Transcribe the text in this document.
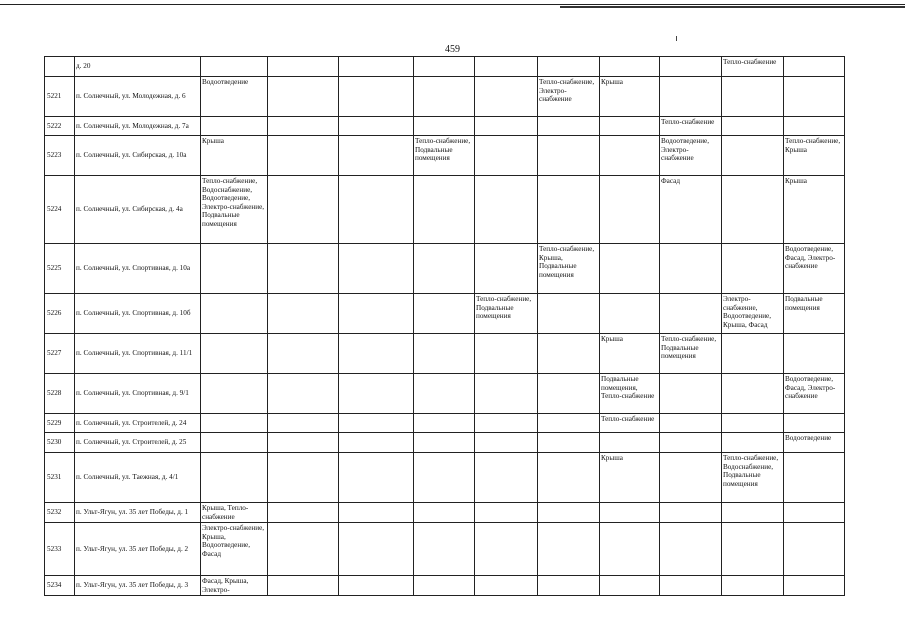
459
	д. 20									Тепло-снабжение	
5221	п. Солнечный, ул. Молодежная, д. 6	Водоотведение					Тепло-снабжение, Электро-снабжение	Крыша			
5222	п. Солнечный, ул. Молодежная, д. 7а								Тепло-снабжение		
5223	п. Солнечный, ул. Сибирская, д. 10а	Крыша			Тепло-снабжение, Подвальные помещения				Водоотведение, Электро-снабжение		Тепло-снабжение, Крыша
5224	п. Солнечный, ул. Сибирская, д. 4а	Тепло-снабжение, Водоснабжение, Водоотведение, Электро-снабжение, Подвальные помещения							Фасад		Крыша
5225	п. Солнечный, ул. Спортивная, д. 10а						Тепло-снабжение, Крыша, Подвальные помещения				Водоотведение, Фасад, Электро-снабжение
5226	п. Солнечный, ул. Спортивная, д. 10б					Тепло-снабжение, Подвальные помещения				Электро-снабжение, Водоотведение, Крыша, Фасад	Подвальные помещения
5227	п. Солнечный, ул. Спортивная, д. 11/1							Крыша	Тепло-снабжение, Подвальные помещения		
5228	п. Солнечный, ул. Спортивная, д. 9/1							Подвальные помещения, Тепло-снабжение			Водоотведение, Фасад, Электро-снабжение
5229	п. Солнечный, ул. Строителей, д. 24							Тепло-снабжение			
5230	п. Солнечный, ул. Строителей, д. 25										Водоотведение
5231	п. Солнечный, ул. Таежная, д. 4/1							Крыша		Тепло-снабжение, Водоснабжение, Подвальные помещения	
5232	п. Ульт-Ягун, ул. 35 лет Победы, д. 1	Крыша, Тепло-снабжение									
5233	п. Ульт-Ягун, ул. 35 лет Победы, д. 2	Электро-снабжение, Крыша, Водоотведение, Фасад									
5234	п. Ульт-Ягун, ул. 35 лет Победы, д. 3	Фасад, Крыша, Электро-									
